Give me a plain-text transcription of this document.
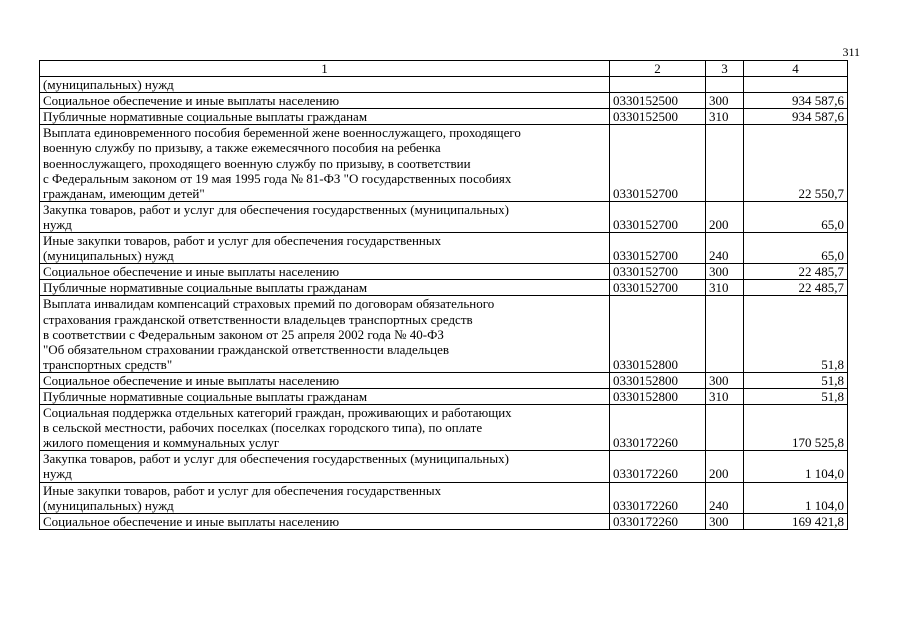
311
1	2	3	4
(муниципальных) нужд			
Социальное обеспечение и иные выплаты населению	0330152500	300	934 587,6
Публичные нормативные социальные выплаты гражданам	0330152500	310	934 587,6
Выплата единовременного пособия беременной жене военнослужащего, проходящего
военную службу по призыву, а также ежемесячного пособия на ребенка
военнослужащего, проходящего военную службу по призыву, в соответствии
с Федеральным законом от 19 мая 1995 года № 81-ФЗ "О государственных пособиях
гражданам, имеющим детей"	0330152700		22 550,7
Закупка товаров, работ и услуг для обеспечения государственных (муниципальных)
нужд	0330152700	200	65,0
Иные закупки товаров, работ и услуг для обеспечения государственных
(муниципальных) нужд	0330152700	240	65,0
Социальное обеспечение и иные выплаты населению	0330152700	300	22 485,7
Публичные нормативные социальные выплаты гражданам	0330152700	310	22 485,7
Выплата инвалидам компенсаций страховых премий по договорам обязательного
страхования гражданской ответственности владельцев транспортных средств
в соответствии с Федеральным законом от 25 апреля 2002 года № 40-ФЗ
"Об обязательном страховании гражданской ответственности владельцев
транспортных средств"	0330152800		51,8
Социальное обеспечение и иные выплаты населению	0330152800	300	51,8
Публичные нормативные социальные выплаты гражданам	0330152800	310	51,8
Социальная поддержка отдельных категорий граждан, проживающих и работающих
в сельской местности, рабочих поселках (поселках городского типа), по оплате
жилого помещения и коммунальных услуг	0330172260		170 525,8
Закупка товаров, работ и услуг для обеспечения государственных (муниципальных)
нужд	0330172260	200	1 104,0
Иные закупки товаров, работ и услуг для обеспечения государственных
(муниципальных) нужд	0330172260	240	1 104,0
Социальное обеспечение и иные выплаты населению	0330172260	300	169 421,8
